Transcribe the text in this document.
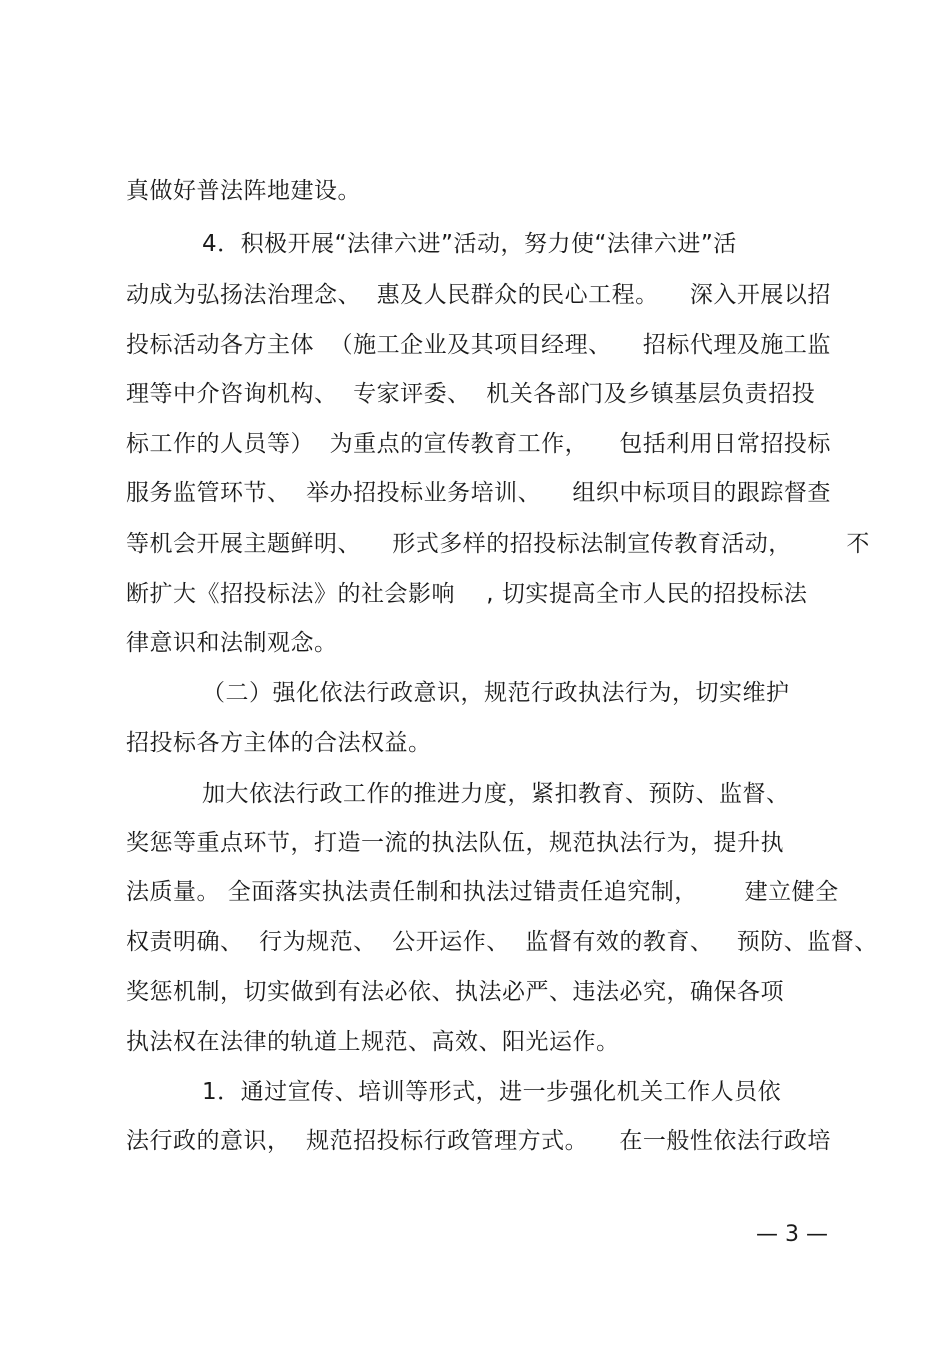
真做好普法阵地建设。
4．积极开展“法律六进”活动，努力使“法律六进”活
动成为弘扬法治理念、  惠及人民群众的民心工程。    深入开展以招
投标活动各方主体  （施工企业及其项目经理、    招标代理及施工监
理等中介咨询机构、  专家评委、  机关各部门及乡镇基层负责招投
标工作的人员等）  为重点的宣传教育工作，    包括利用日常招投标
服务监管环节、  举办招投标业务培训、    组织中标项目的跟踪督查
等机会开展主题鲜明、    形式多样的招投标法制宣传教育活动，       不
断扩大《招投标法》的社会影响    , 切实提高全市人民的招投标法
律意识和法制观念。
（二）强化依法行政意识，规范行政执法行为，切实维护
招投标各方主体的合法权益。
加大依法行政工作的推进力度，紧扣教育、预防、监督、
奖惩等重点环节，打造一流的执法队伍，规范执法行为，提升执
法质量。 全面落实执法责任制和执法过错责任追究制，      建立健全
权责明确、  行为规范、  公开运作、  监督有效的教育、   预防、监督、
奖惩机制，切实做到有法必依、执法必严、违法必究，确保各项
执法权在法律的轨道上规范、高效、阳光运作。
1．通过宣传、培训等形式，进一步强化机关工作人员依
法行政的意识，  规范招投标行政管理方式。    在一般性依法行政培
— 3 —
